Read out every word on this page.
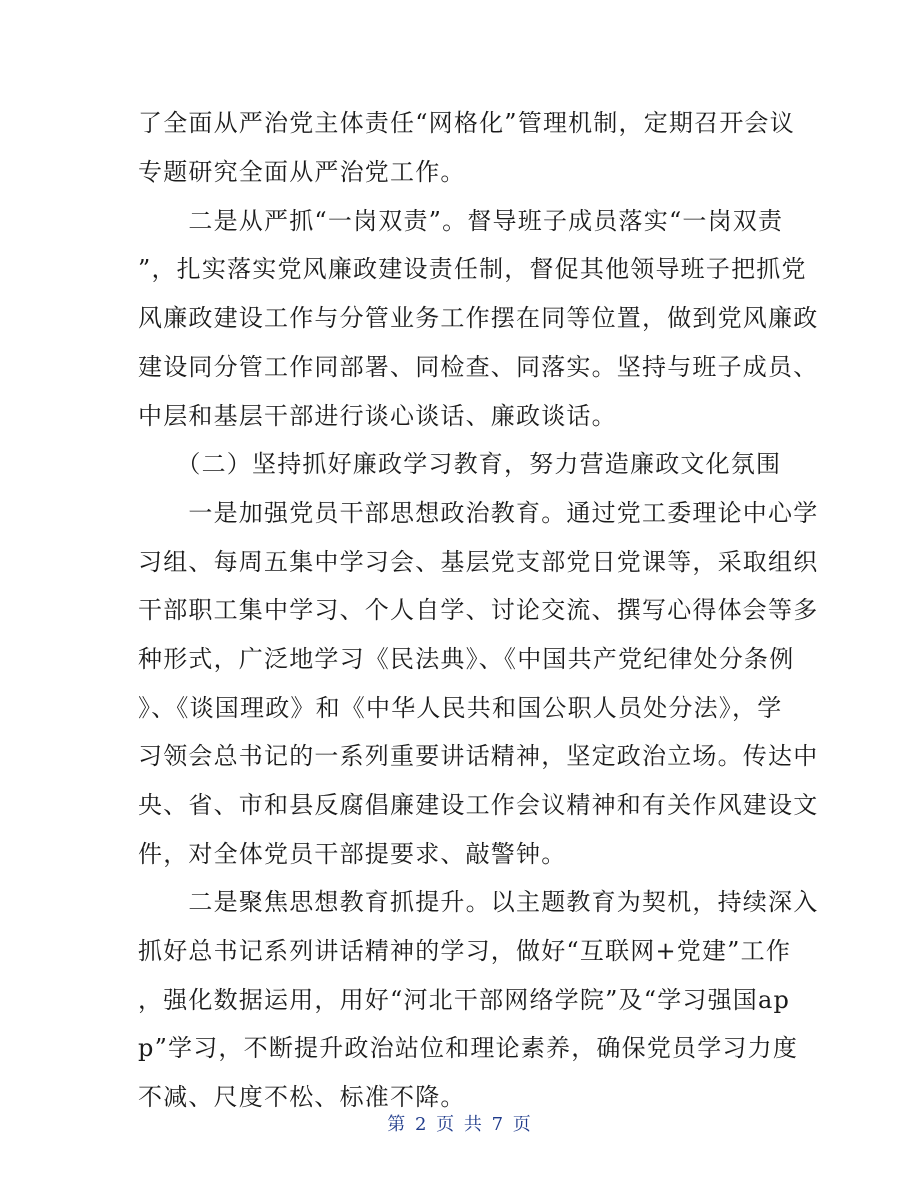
了全面从严治党主体责任“网格化”管理机制，定期召开会议
专题研究全面从严治党工作。
　　二是从严抓“一岗双责”。督导班子成员落实“一岗双责
”，扎实落实党风廉政建设责任制，督促其他领导班子把抓党
风廉政建设工作与分管业务工作摆在同等位置，做到党风廉政
建设同分管工作同部署、同检查、同落实。坚持与班子成员、
中层和基层干部进行谈心谈话、廉政谈话。
　　（二）坚持抓好廉政学习教育，努力营造廉政文化氛围
　　一是加强党员干部思想政治教育。通过党工委理论中心学
习组、每周五集中学习会、基层党支部党日党课等，采取组织
干部职工集中学习、个人自学、讨论交流、撰写心得体会等多
种形式，广泛地学习《民法典》、《中国共产党纪律处分条例
》、《谈国理政》和《中华人民共和国公职人员处分法》，学
习领会总书记的一系列重要讲话精神，坚定政治立场。传达中
央、省、市和县反腐倡廉建设工作会议精神和有关作风建设文
件，对全体党员干部提要求、敲警钟。
　　二是聚焦思想教育抓提升。以主题教育为契机，持续深入
抓好总书记系列讲话精神的学习，做好“互联网+党建”工作
，强化数据运用，用好“河北干部网络学院”及“学习强国ap
p”学习，不断提升政治站位和理论素养，确保党员学习力度
不减、尺度不松、标准不降。
第 2 页 共 7 页
